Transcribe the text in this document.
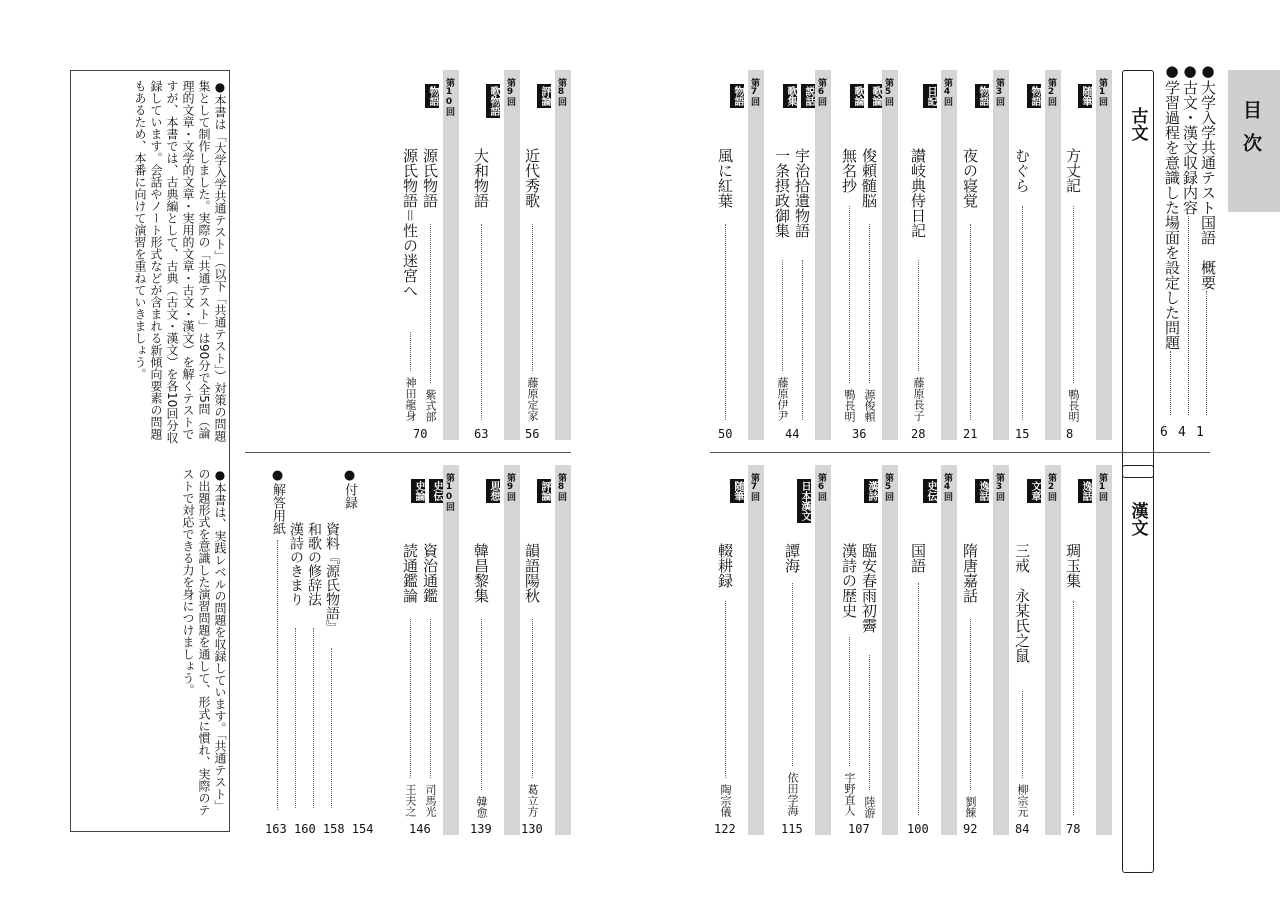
目次
●大学入学共通テスト国語　概要
1
●古文・漢文収録内容
4
●学習過程を意識した場面を設定した問題
6
古文
漢文
第1回
随筆
方丈記
鴨長明
8
第2回
物語
むぐら
15
第3回
物語
夜の寝覚
21
第4回
日記
讃岐典侍日記
藤原長子
28
第5回
歌論
歌論
俊頼髄脳
源俊頼
無名抄
鴨長明
36
第6回
説話
歌集
宇治拾遺物語
一条摂政御集
藤原伊尹
44
第7回
物語
風に紅葉
50
第8回
評論
近代秀歌
藤原定家
56
第9回
歌物語
大和物語
63
第10回
物語
源氏物語
紫式部
源氏物語＝性の迷宮へ
神田龍身
70
第1回
逸話
琱玉集
78
第2回
文章
三戒　永某氏之鼠
柳宗元
84
第3回
逸話
隋唐嘉話
劉餗
92
第4回
史伝
国語
100
第5回
漢詩
臨安春雨初霽
陸游
漢詩の歴史
宇野直人
107
第6回
日本漢文
譚海
依田学海
115
第7回
随筆
輟耕録
陶宗儀
122
第8回
評論
韻語陽秋
葛立方
130
第9回
思想
韓昌黎集
韓愈
139
第10回
史伝
史論
資治通鑑
司馬光
読通鑑論
王夫之
146
●付録
資料『源氏物語』
和歌の修辞法
漢詩のきまり
160 158 154
●解答用紙
163
●本書は「大学入学共通テスト」（以下「共通テスト」）対策の問題集として制作しました。実際の「共通テスト」は90分で全5問（論理的文章・文学的文章・実用的文章・古文・漢文）を解くテストですが、本書では、古典編として、古典（古文・漢文）を各10回分収録しています。会話やノート形式などが含まれる新傾向要素の問題もあるため、本番に向けて演習を重ねていきましょう。
●本書は、実践レベルの問題を収録しています。「共通テスト」の出題形式を意識した演習問題を通して、形式に慣れ、実際のテストで対応できる力を身につけましょう。
